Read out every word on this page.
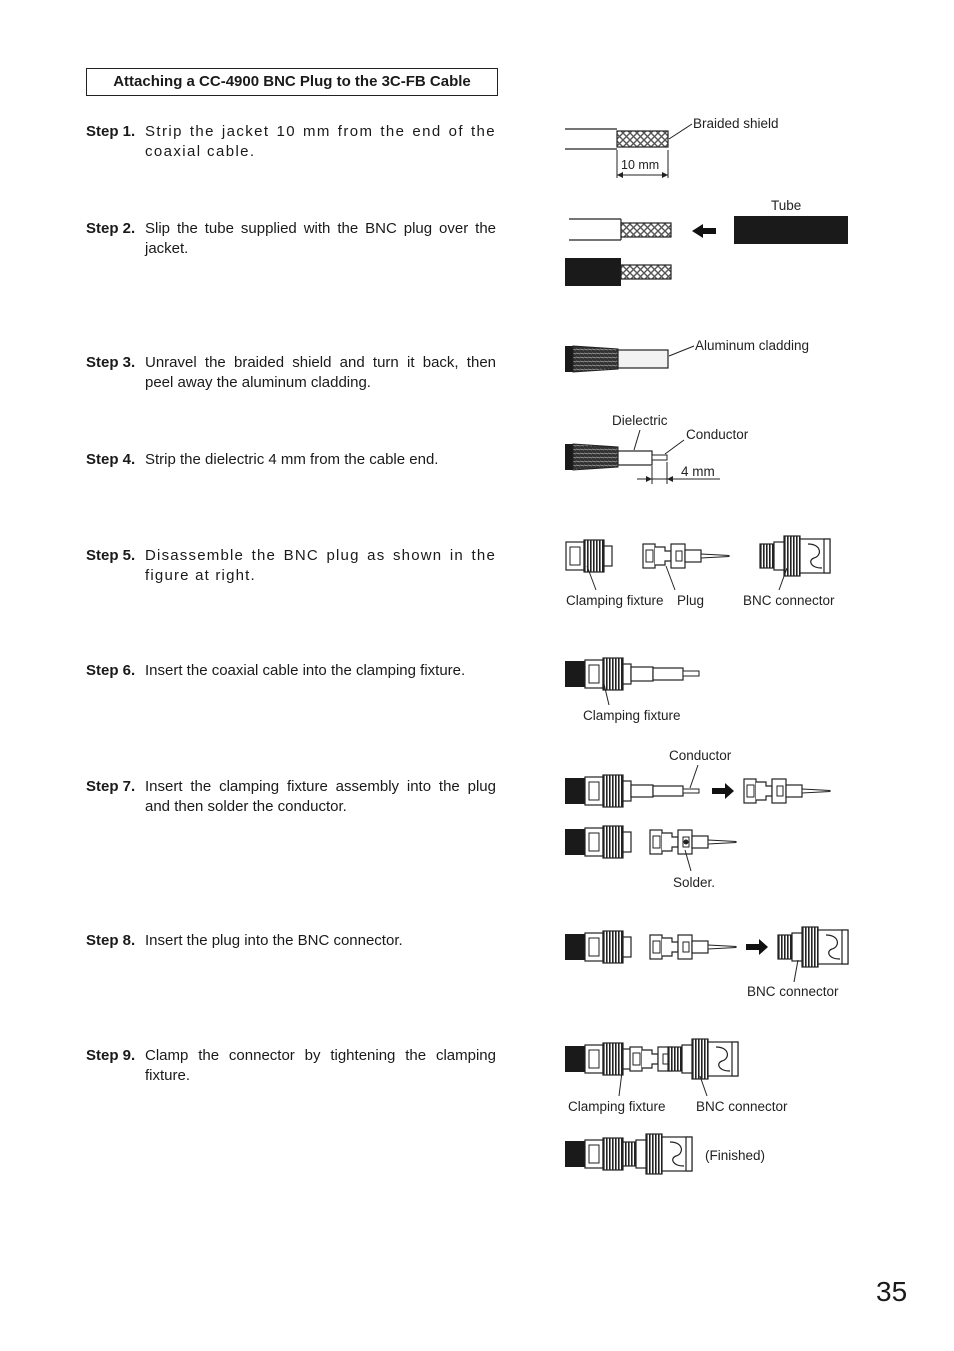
Attaching a CC-4900 BNC Plug to the 3C-FB Cable
Step 1. Strip the jacket 10 mm from the end of the coaxial cable.
Step 2. Slip the tube supplied with the BNC plug over the jacket.
Step 3. Unravel the braided shield and turn it back, then peel away the aluminum cladding.
Step 4. Strip the dielectric 4 mm from the cable end.
Step 5. Disassemble the BNC plug as shown in the figure at right.
Step 6. Insert the coaxial cable into the clamping fixture.
Step 7. Insert the clamping fixture assembly into the plug and then solder the conductor.
Step 8. Insert the plug into the BNC connector.
Step 9. Clamp the connector by tightening the clamping fixture.
Braided shield
10 mm
Tube
Aluminum cladding
Dielectric
Conductor
4 mm
Clamping fixture Plug	BNC connector
Clamping fixture
Conductor
Solder.
BNC connector
Clamping fixture BNC connector
(Finished)
35
